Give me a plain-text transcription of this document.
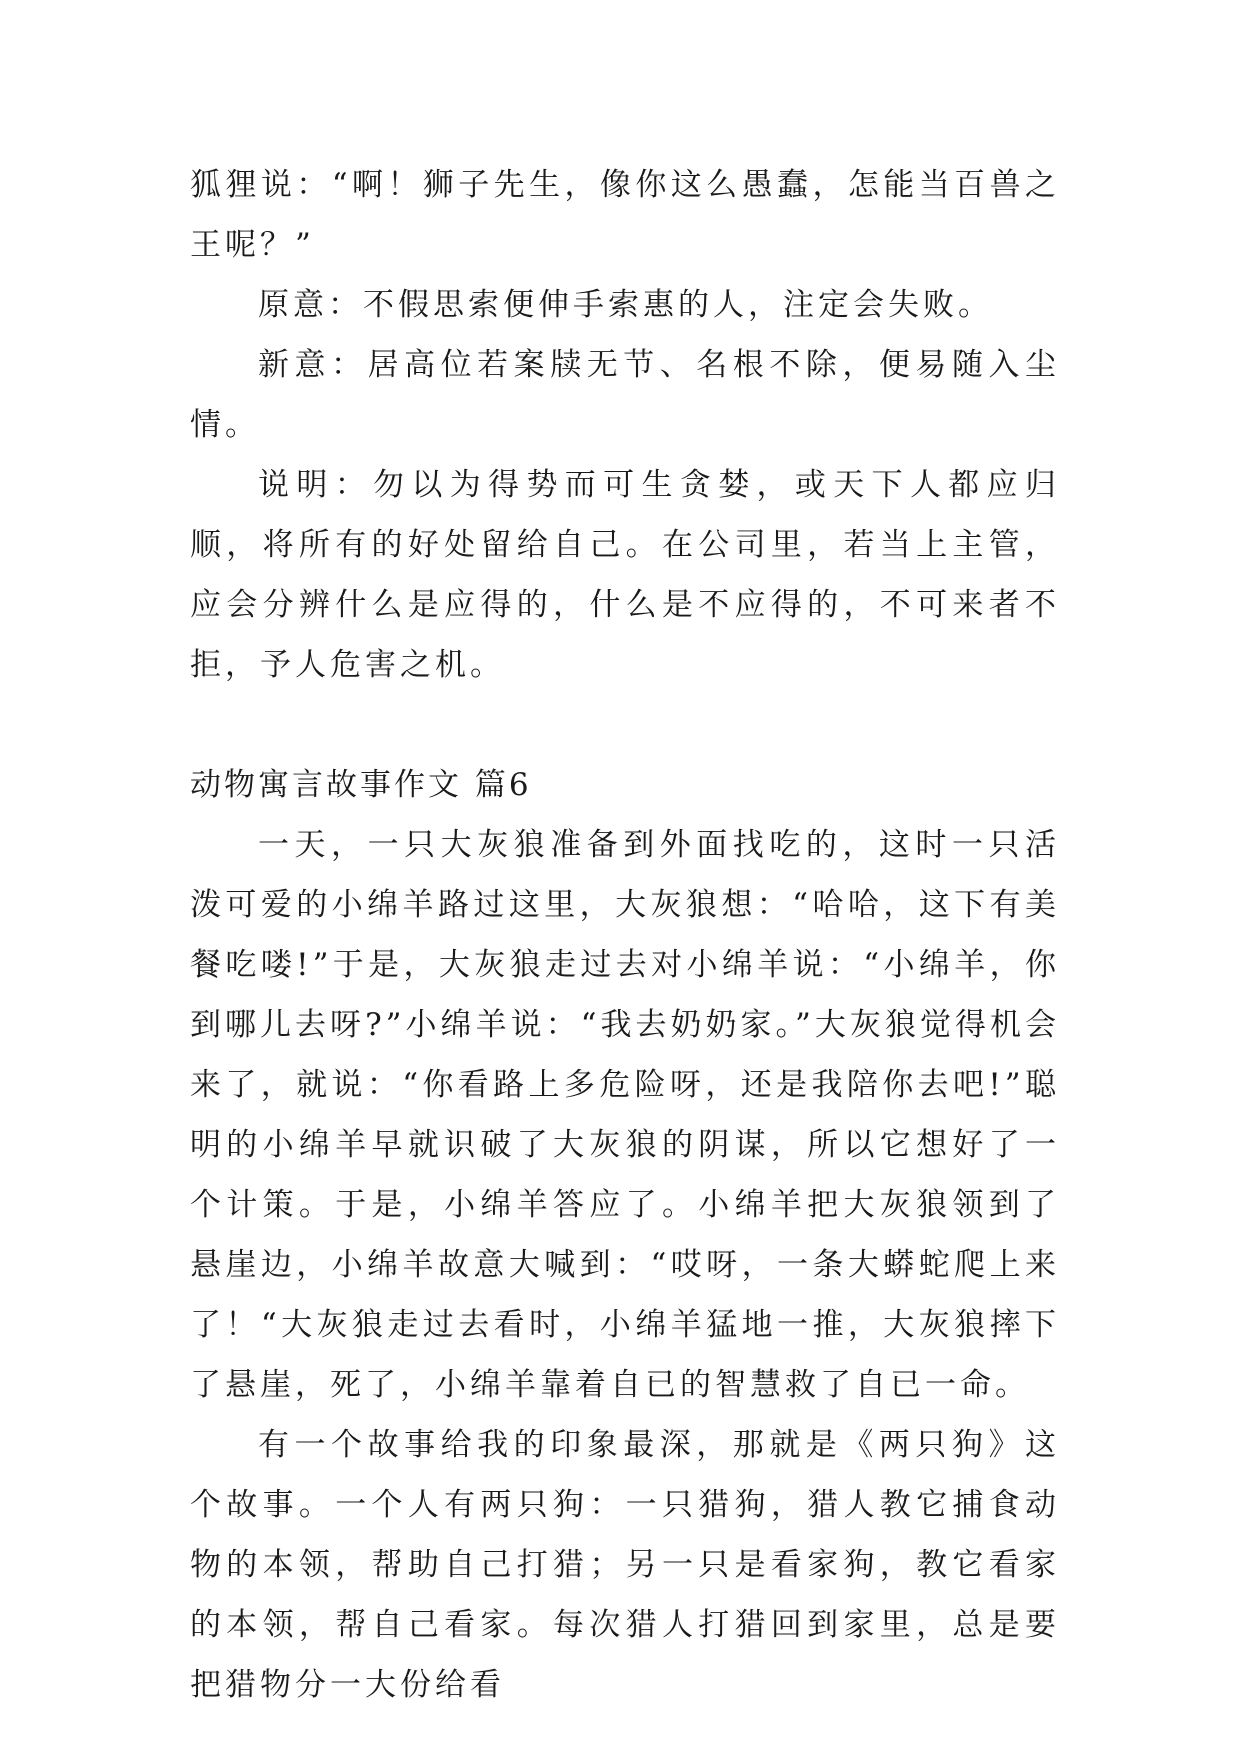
狐狸说：“啊！狮子先生，像你这么愚蠢，怎能当百兽之王呢？”

原意：不假思索便伸手索惠的人，注定会失败。

新意：居高位若案牍无节、名根不除，便易随入尘情。

说明：勿以为得势而可生贪婪，或天下人都应归顺，将所有的好处留给自己。在公司里，若当上主管，应会分辨什么是应得的，什么是不应得的，不可来者不拒，予人危害之机。

动物寓言故事作文 篇6

一天，一只大灰狼准备到外面找吃的，这时一只活泼可爱的小绵羊路过这里，大灰狼想：“哈哈，这下有美餐吃喽!”于是，大灰狼走过去对小绵羊说：“小绵羊，你到哪儿去呀?”小绵羊说：“我去奶奶家。”大灰狼觉得机会来了，就说：“你看路上多危险呀，还是我陪你去吧!”聪明的小绵羊早就识破了大灰狼的阴谋，所以它想好了一个计策。于是，小绵羊答应了。小绵羊把大灰狼领到了悬崖边，小绵羊故意大喊到：“哎呀，一条大蟒蛇爬上来了！“大灰狼走过去看时，小绵羊猛地一推，大灰狼摔下了悬崖，死了，小绵羊靠着自已的智慧救了自已一命。

有一个故事给我的印象最深，那就是《两只狗》这个故事。一个人有两只狗：一只猎狗，猎人教它捕食动物的本领，帮助自己打猎；另一只是看家狗，教它看家的本领，帮自己看家。每次猎人打猎回到家里，总是要把猎物分一大份给看
